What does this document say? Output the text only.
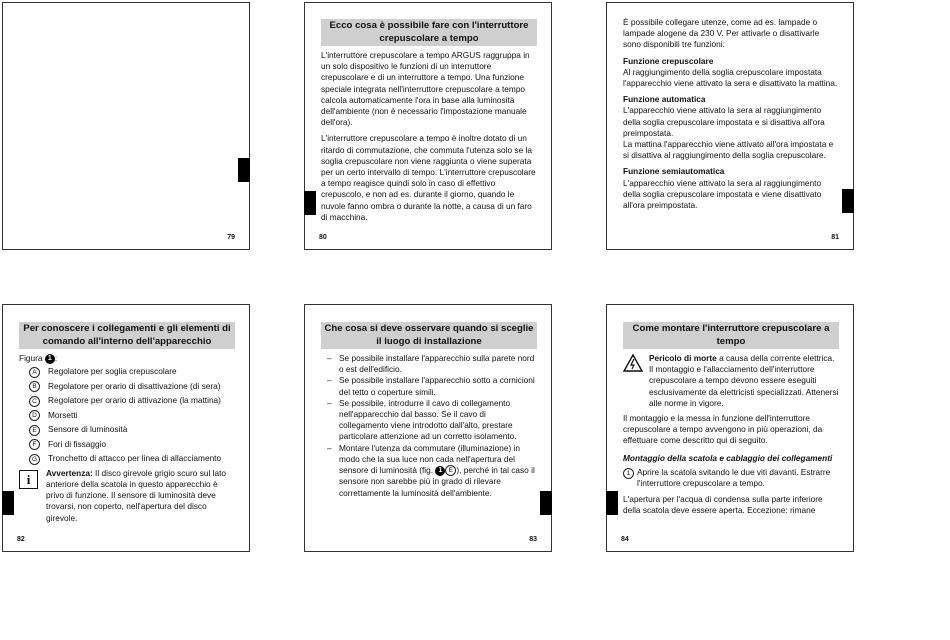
79
Ecco cosa è possibile fare con l'interruttore crepuscolare a tempo

L'interruttore crepuscolare a tempo ARGUS raggruppa in un solo dispositivo le funzioni di un interruttore crepuscolare e di un interruttore a tempo. Una funzione speciale integrata nell'interruttore crepuscolare a tempo calcola automaticamente l'ora in base alla luminosità dell'ambiente (non è necessario l'impostazione manuale dell'ora).

L'interruttore crepuscolare a tempo è inoltre dotato di un ritardo di commutazione, che commuta l'utenza solo se la soglia crepuscolare non viene raggiunta o viene superata per un certo intervallo di tempo. L'interruttore crepuscolare a tempo reagisce quindi solo in caso di effettivo crepuscolo, e non ad es. durante il giorno, quando le nuvole fanno ombra o durante la notte, a causa di un faro di macchina.

80

È possibile collegare utenze, come ad es. lampade o lampade alogene da 230 V. Per attivarle o disattivarle sono disponibili tre funzioni:

Funzione crepuscolare

Al raggiungimento della soglia crepuscolare impostata l'apparecchio viene attivato la sera e disattivato la mattina.

Funzione automatica
L'apparecchio viene attivato la sera al raggiungimento della soglia crepuscolare impostata e si disattiva all'ora preimpostata.

La mattina l'apparecchio viene attivato all'ora impostata e si disattiva al raggiungimento della soglia crepuscolare.

Funzione semiautomatica

L'apparecchio viene attivato la sera al raggiungimento della soglia crepuscolare impostata e viene disattivato all'ora preimpostata.

81
Per conoscere i collegamenti e gli elementi di comando all'interno dell'apparecchio
Figura 1 :
A Regolatore per soglia crepuscolare
B Regolatore per orario di disattivazione (di sera)
C Regolatore per orario di attivazione (la mattina)
D Morsetti
E Sensore di luminosità
F Fori di fissaggio
G Tronchetto di attacco per linea di allacciamento
i	Avvertenza: Il disco girevole grigio scuro sul lato anteriore della scatola in questo apparecchio è privo di funzione. Il sensore di luminosità deve trovarsi, non coperto, nell'apertura del disco girevole.
82
Che cosa si deve osservare quando si sceglie il luogo di installazione
– Se possibile installare l'apparecchio sulla parete nord o est dell'edificio.
– Se possibile installare l'apparecchio sotto a cornicioni del tetto o coperture simili.
– Se possibile, introdurre il cavo di collegamento nell'apparecchio dal basso. Se il cavo di collegamento viene introdotto dall'alto, prestare particolare attenzione ad un corretto isolamento.
– Montare l'utenza da commutare (illuminazione) in modo che la sua luce non cada nell'apertura del sensore di luminosità (fig. 1 E ), perché in tal caso il sensore non sarebbe più in grado di rilevare correttamente la luminosità dell'ambiente.
83
Come montare l'interruttore crepuscolare a tempo
Pericolo di morte a causa della corrente elettrica. Il montaggio e l'allacciamento dell'interruttore crepuscolare a tempo devono essere eseguiti esclusivamente da elettricisti specializzati. Attenersi alle norme in vigore.

Il montaggio e la messa in funzione dell'interruttore crepuscolare a tempo avvengono in più operazioni, da effettuare come descritto qui di seguito.

Montaggio della scatola e cablaggio dei collegamenti
1 Aprire la scatola svitando le due viti davanti. Estrarre l'interruttore crepuscolare a tempo.

L'apertura per l'acqua di condensa sulla parte inferiore della scatola deve essere aperta. Eccezione: rimane

84
